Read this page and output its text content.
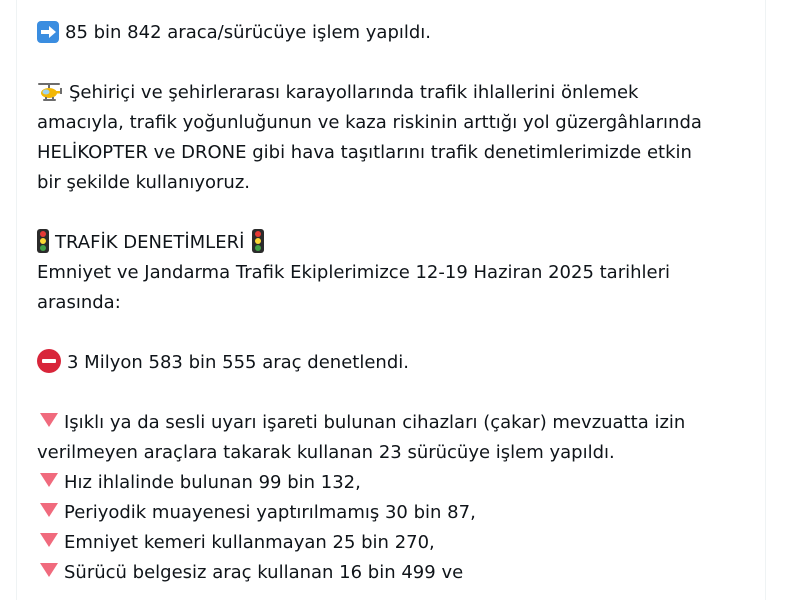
85 bin 842 araca/sürücüye işlem yapıldı.
Şehiriçi ve şehirlerarası karayollarında trafik ihlallerini önlemek
amacıyla, trafik yoğunluğunun ve kaza riskinin arttığı yol güzergâhlarında
HELİKOPTER ve DRONE gibi hava taşıtlarını trafik denetimlerimizde etkin
bir şekilde kullanıyoruz.
TRAFİK DENETİMLERİ
Emniyet ve Jandarma Trafik Ekiplerimizce 12-19 Haziran 2025 tarihleri
arasında:
3 Milyon 583 bin 555 araç denetlendi.
Işıklı ya da sesli uyarı işareti bulunan cihazları (çakar) mevzuatta izin
verilmeyen araçlara takarak kullanan 23 sürücüye işlem yapıldı.
Hız ihlalinde bulunan 99 bin 132,
Periyodik muayenesi yaptırılmamış 30 bin 87,
Emniyet kemeri kullanmayan 25 bin 270,
Sürücü belgesiz araç kullanan 16 bin 499 ve
